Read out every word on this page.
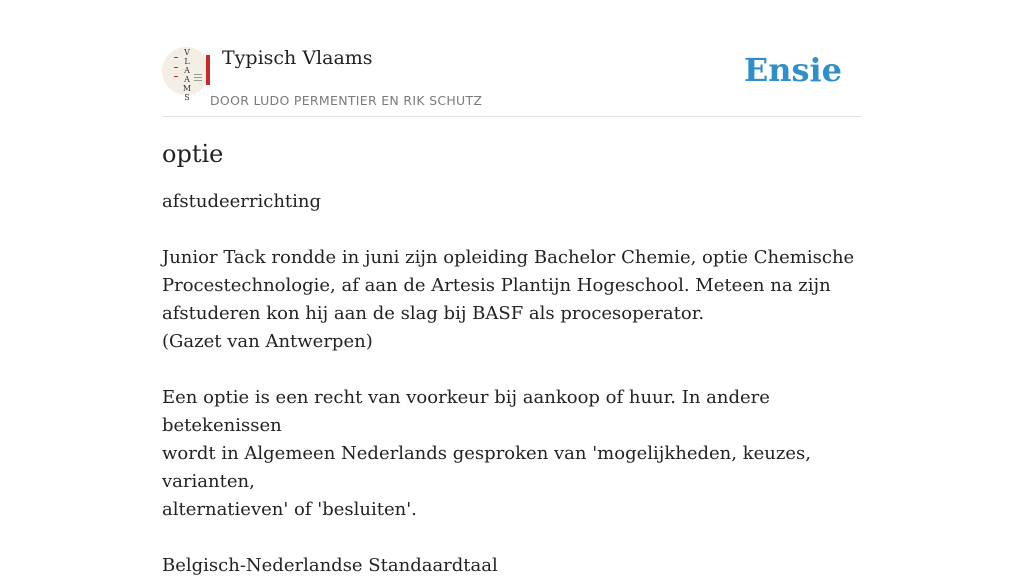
V
L
A
A
M
S
Typisch Vlaams
DOOR LUDO PERMENTIER EN RIK SCHUTZ
Ensie
optie

afstudeerrichting

Junior Tack rondde in juni zijn opleiding Bachelor Chemie, optie Chemische

Procestechnologie, af aan de Artesis Plantijn Hogeschool. Meteen na zijn

afstuderen kon hij aan de slag bij BASF als procesoperator.

(Gazet van Antwerpen)

Een optie is een recht van voorkeur bij aankoop of huur. In andere betekenissen

wordt in Algemeen Nederlands gesproken van 'mogelijkheden, keuzes, varianten,

alternatieven' of 'besluiten'.

Belgisch-Nederlandse Standaardtaal
